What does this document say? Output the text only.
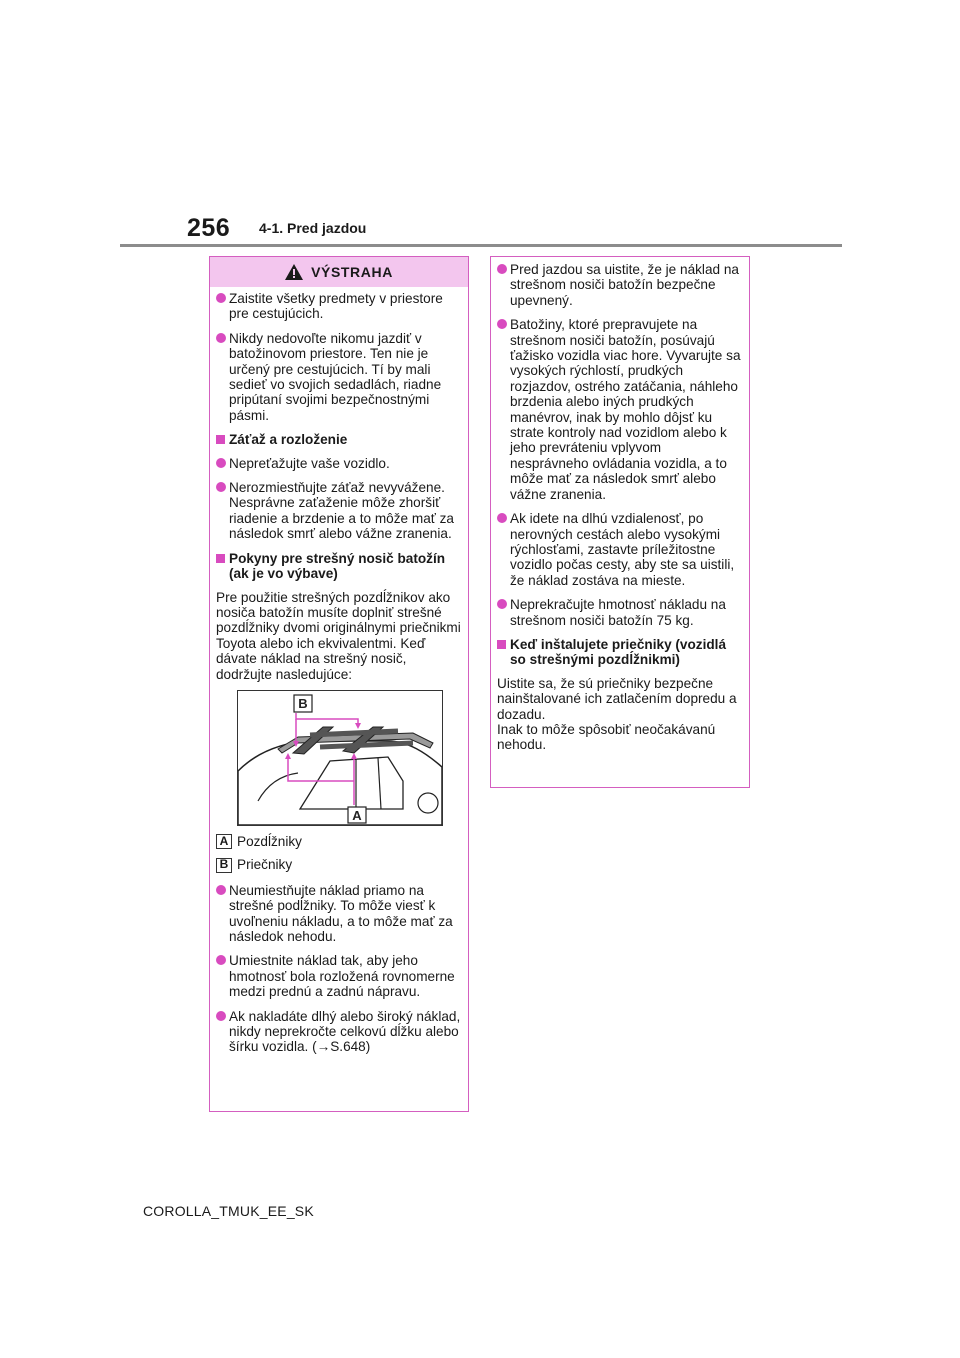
256 4-1. Pred jazdou
VÝSTRAHA
Zaistite všetky predmety v priestore pre cestujúcich.
Nikdy nedovoľte nikomu jazdiť v batožinovom priestore. Ten nie je určený pre cestujúcich. Tí by mali sedieť vo svojich sedadlách, riadne pripútaní svojimi bezpečnostnými pásmi.
Záťaž a rozloženie
Nepreťažujte vaše vozidlo.
Nerozmiestňujte záťaž nevyvážene. Nesprávne zaťaženie môže zhoršiť riadenie a brzdenie a to môže mať za následok smrť alebo vážne zranenia.
Pokyny pre strešný nosič batožín (ak je vo výbave)
Pre použitie strešných pozdĺžnikov ako nosiča batožín musíte doplniť strešné pozdĺžniky dvomi originálnymi priečnikmi Toyota alebo ich ekvivalentmi. Keď dávate náklad na strešný nosič, dodržujte nasledujúce:
B
A
A Pozdĺžniky
B Priečniky
Neumiestňujte náklad priamo na strešné podĺžniky. To môže viesť k uvoľneniu nákladu, a to môže mať za následok nehodu.
Umiestnite náklad tak, aby jeho hmotnosť bola rozložená rovnomerne medzi prednú a zadnú nápravu.
Ak nakladáte dlhý alebo široký náklad, nikdy neprekročte celkovú dĺžku alebo šírku vozidla. (→S.648)
Pred jazdou sa uistite, že je náklad na strešnom nosiči batožín bezpečne upevnený.
Batožiny, ktoré prepravujete na strešnom nosiči batožín, posúvajú ťažisko vozidla viac hore. Vyvarujte sa vysokých rýchlostí, prudkých rozjazdov, ostrého zatáčania, náhleho brzdenia alebo iných prudkých manévrov, inak by mohlo dôjsť ku strate kontroly nad vozidlom alebo k jeho prevráteniu vplyvom nesprávneho ovládania vozidla, a to môže mať za následok smrť alebo vážne zranenia.
Ak idete na dlhú vzdialenosť, po nerovných cestách alebo vysokými rýchlosťami, zastavte príležitostne vozidlo počas cesty, aby ste sa uistili, že náklad zostáva na mieste.
Neprekračujte hmotnosť nákladu na strešnom nosiči batožín 75 kg.
Keď inštalujete priečniky (vozidlá so strešnými pozdĺžnikmi)
Uistite sa, že sú priečniky bezpečne nainštalované ich zatlačením dopredu a dozadu.
Inak to môže spôsobiť neočakávanú nehodu.
COROLLA_TMUK_EE_SK
